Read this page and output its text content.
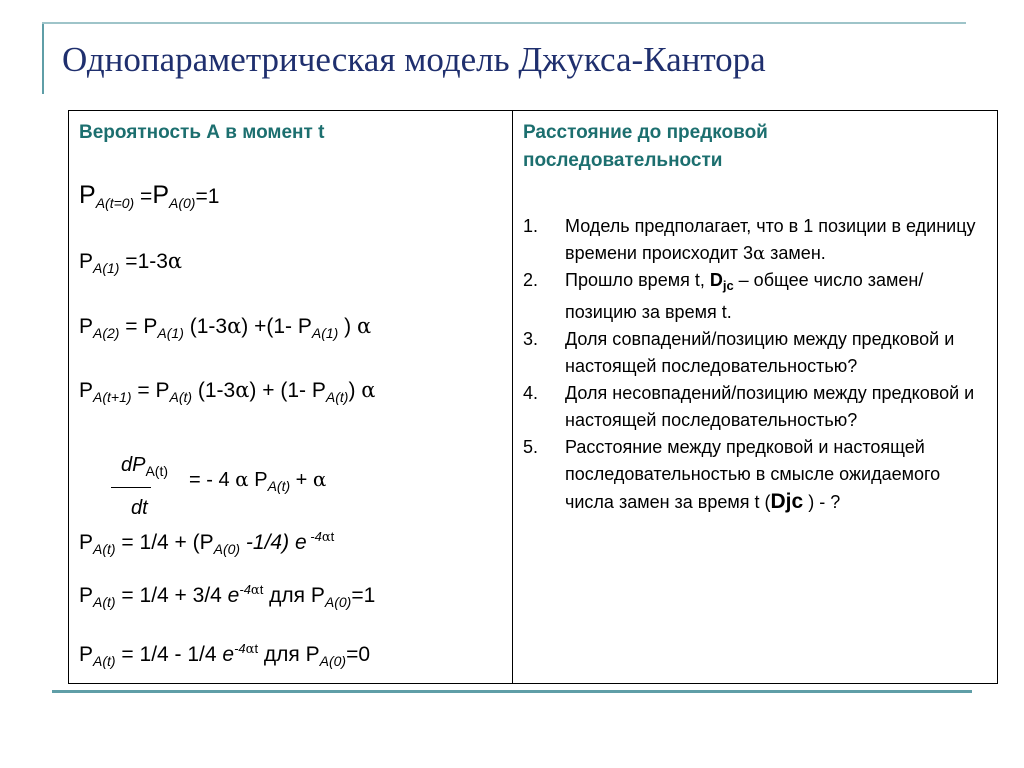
Однопараметрическая модель Джукса-Кантора
Вероятность А в момент t
$P_{A(t=0)} =P_{A(0)}=1$
$P_{A(1)} =1-3\alpha$
$P_{A(2)} = P_{A(1)}$ (1-3α) +(1- $P_{A(1)}$ ) α
$P_{A(t+1)} = P_{A(t)}$ (1-3α) + (1- $P_{A(t)}$) α
$dP_{A(t)}$ = - 4 α $P_{A(t)} + \alpha$
dt
$P_{A(t)} = 1/4 + (P_{A(0)}$ -1/4) e $^{-4\alpha t}$
$P_{A(t)} = 1/4 + 3/4$ $e^{-4\alpha t}$ для $P_{A(0)}=1$
$P_{A(t)} = 1/4 - 1/4$ $e^{-4\alpha t}$ для $P_{A(0)}=0$
Расстояние до предковой
последовательности
1. Модель предполагает, что в 1 позиции в единицу времени происходит 3α замен.
2. Прошло время t, $D_{jc}$ – общее число замен/позицию за время t.
3. Доля совпадений/позицию между предковой и настоящей последовательностью?
4. Доля несовпадений/позицию между предковой и настоящей последовательностью?
5. Расстояние между предковой и настоящей последовательностью в смысле ожидаемого числа замен за время t (Djc ) - ?
